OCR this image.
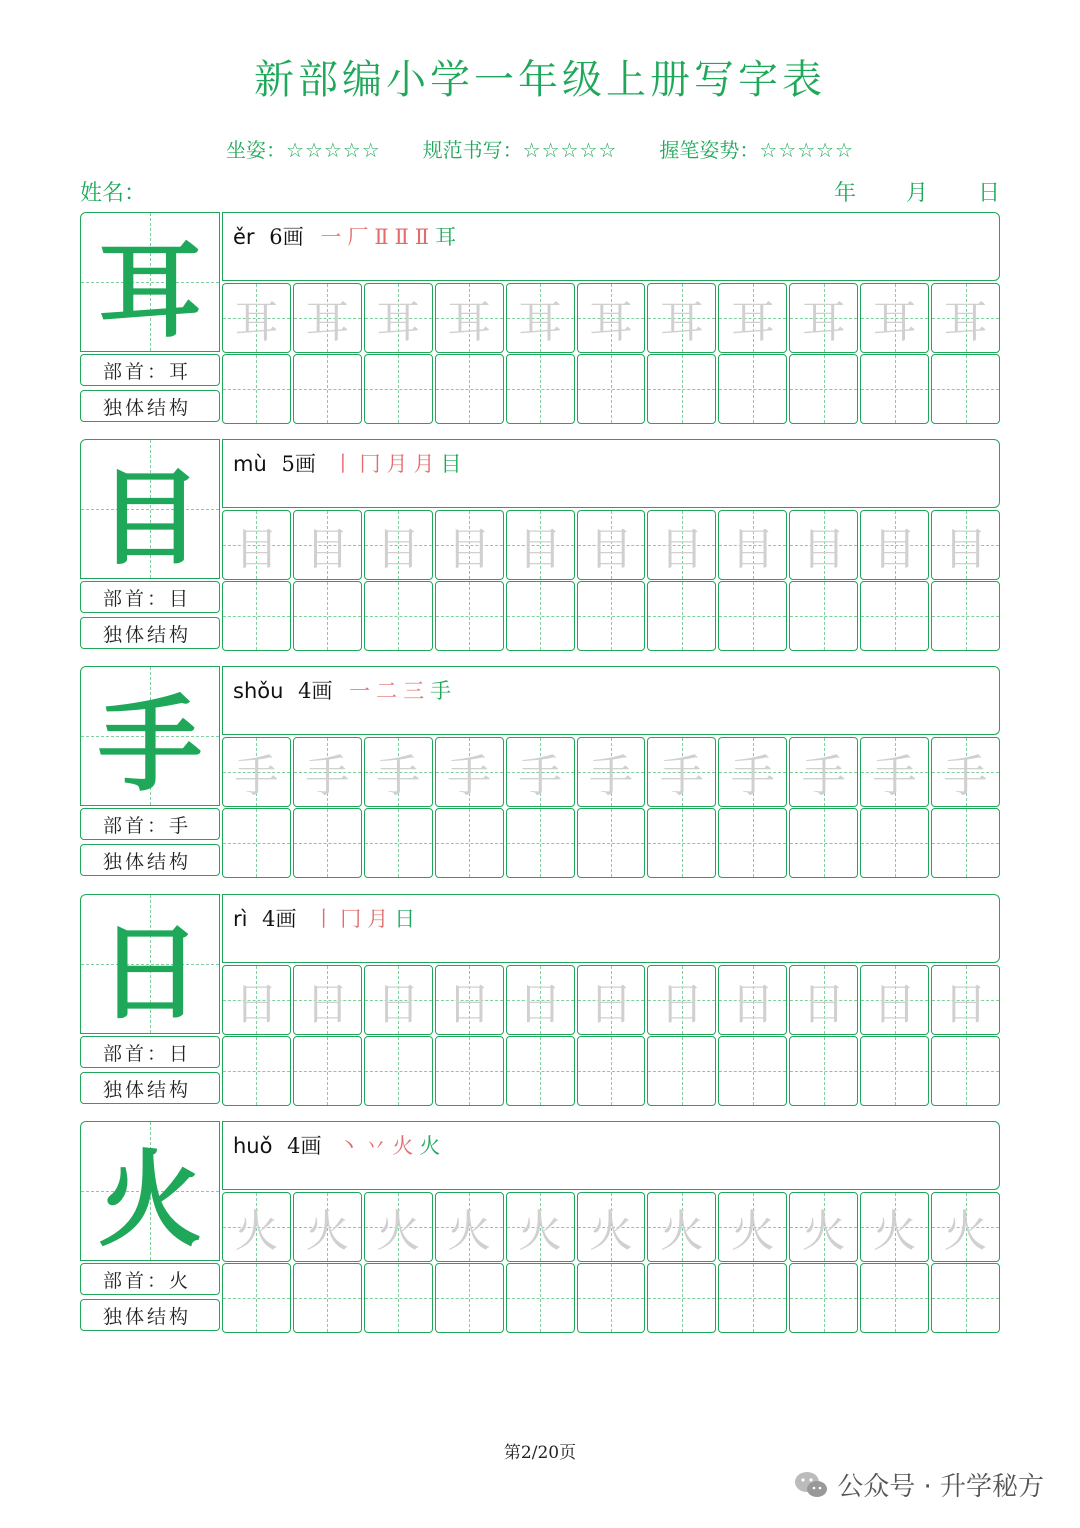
新部编小学一年级上册写字表
坐姿：☆☆☆☆☆ 规范书写：☆☆☆☆☆ 握笔姿势：☆☆☆☆☆
姓名：	年 月 日
耳
部首：耳
独体结构
ěr 6画 一厂ⅡⅡⅡ耳
耳 耳 耳 耳 耳 耳 耳 耳 耳 耳 耳
目
部首：目
独体结构
mù 5画 丨冂月月目
目 目 目 目 目 目 目 目 目 目 目
手
部首：手
独体结构
shǒu 4画 一二三手
手 手 手 手 手 手 手 手 手 手 手
日
部首：日
独体结构
rì 4画 丨冂月日
日 日 日 日 日 日 日 日 日 日 日
火
部首：火
独体结构
huǒ 4画 丶丷火火
火 火 火 火 火 火 火 火 火 火 火
第2/20页
公众号 · 升学秘方
